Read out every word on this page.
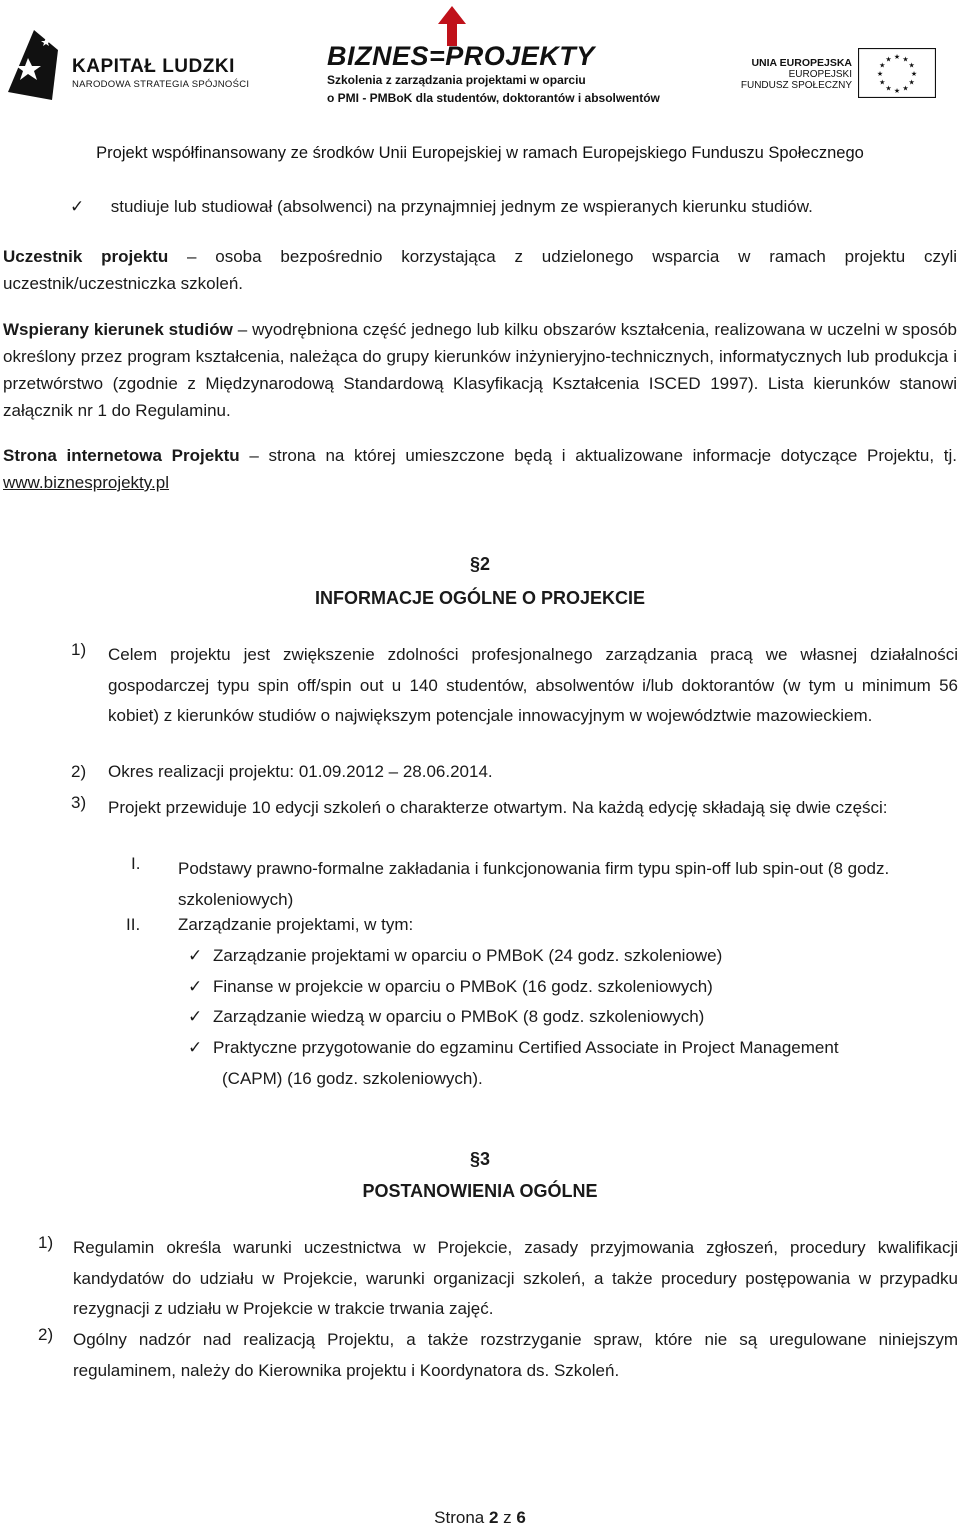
KAPITAŁ LUDZKI
NARODOWA STRATEGIA SPÓJNOŚCI
BIZNES=PROJEKTY
Szkolenia z zarządzania projektami w oparciu
o PMI - PMBoK dla studentów, doktorantów i absolwentów
UNIA EUROPEJSKA
EUROPEJSKI
FUNDUSZ SPOŁECZNY
★ ★
★
★
★
★
★
★
★
★
★
★
Projekt współfinansowany ze środków Unii Europejskiej w ramach Europejskiego Funduszu Społecznego
✓ studiuje lub studiował (absolwenci) na przynajmniej jednym ze wspieranych kierunku studiów.
Uczestnik projektu – osoba bezpośrednio korzystająca z udzielonego wsparcia w ramach projektu czyli uczestnik/uczestniczka szkoleń.
Wspierany kierunek studiów – wyodrębniona część jednego lub kilku obszarów kształcenia, realizowana w uczelni w sposób określony przez program kształcenia, należąca do grupy kierunków inżynieryjno-technicznych, informatycznych lub produkcja i przetwórstwo (zgodnie z Międzynarodową Standardową Klasyfikacją Kształcenia ISCED 1997). Lista kierunków stanowi załącznik nr 1 do Regulaminu.
Strona internetowa Projektu – strona na której umieszczone będą i aktualizowane informacje dotyczące Projektu, tj. www.biznesprojekty.pl
§2
INFORMACJE OGÓLNE O PROJEKCIE
1) Celem projektu jest zwiększenie zdolności profesjonalnego zarządzania pracą we własnej działalności gospodarczej typu spin off/spin out u 140 studentów, absolwentów i/lub doktorantów (w tym u minimum 56 kobiet) z kierunków studiów o największym potencjale innowacyjnym w województwie mazowieckiem.
2) Okres realizacji projektu: 01.09.2012 – 28.06.2014.
3) Projekt przewiduje 10 edycji szkoleń o charakterze otwartym. Na każdą edycję składają się dwie części:
I. Podstawy prawno-formalne zakładania i funkcjonowania firm typu spin-off lub spin-out (8 godz. szkoleniowych)
II. Zarządzanie projektami, w tym:
✓ Zarządzanie projektami w oparciu o PMBoK (24 godz. szkoleniowe)
✓ Finanse w projekcie w oparciu o PMBoK (16 godz. szkoleniowych)
✓ Zarządzanie wiedzą w oparciu o PMBoK (8 godz. szkoleniowych)
✓ Praktyczne przygotowanie do egzaminu Certified Associate in Project Management
(CAPM) (16 godz. szkoleniowych).
§3
POSTANOWIENIA OGÓLNE
1) Regulamin określa warunki uczestnictwa w Projekcie, zasady przyjmowania zgłoszeń, procedury kwalifikacji kandydatów do udziału w Projekcie, warunki organizacji szkoleń, a także procedury postępowania w przypadku rezygnacji z udziału w Projekcie w trakcie trwania zajęć.
2) Ogólny nadzór nad realizacją Projektu, a także rozstrzyganie spraw, które nie są uregulowane niniejszym regulaminem, należy do Kierownika projektu i Koordynatora ds. Szkoleń.
Strona 2 z 6
